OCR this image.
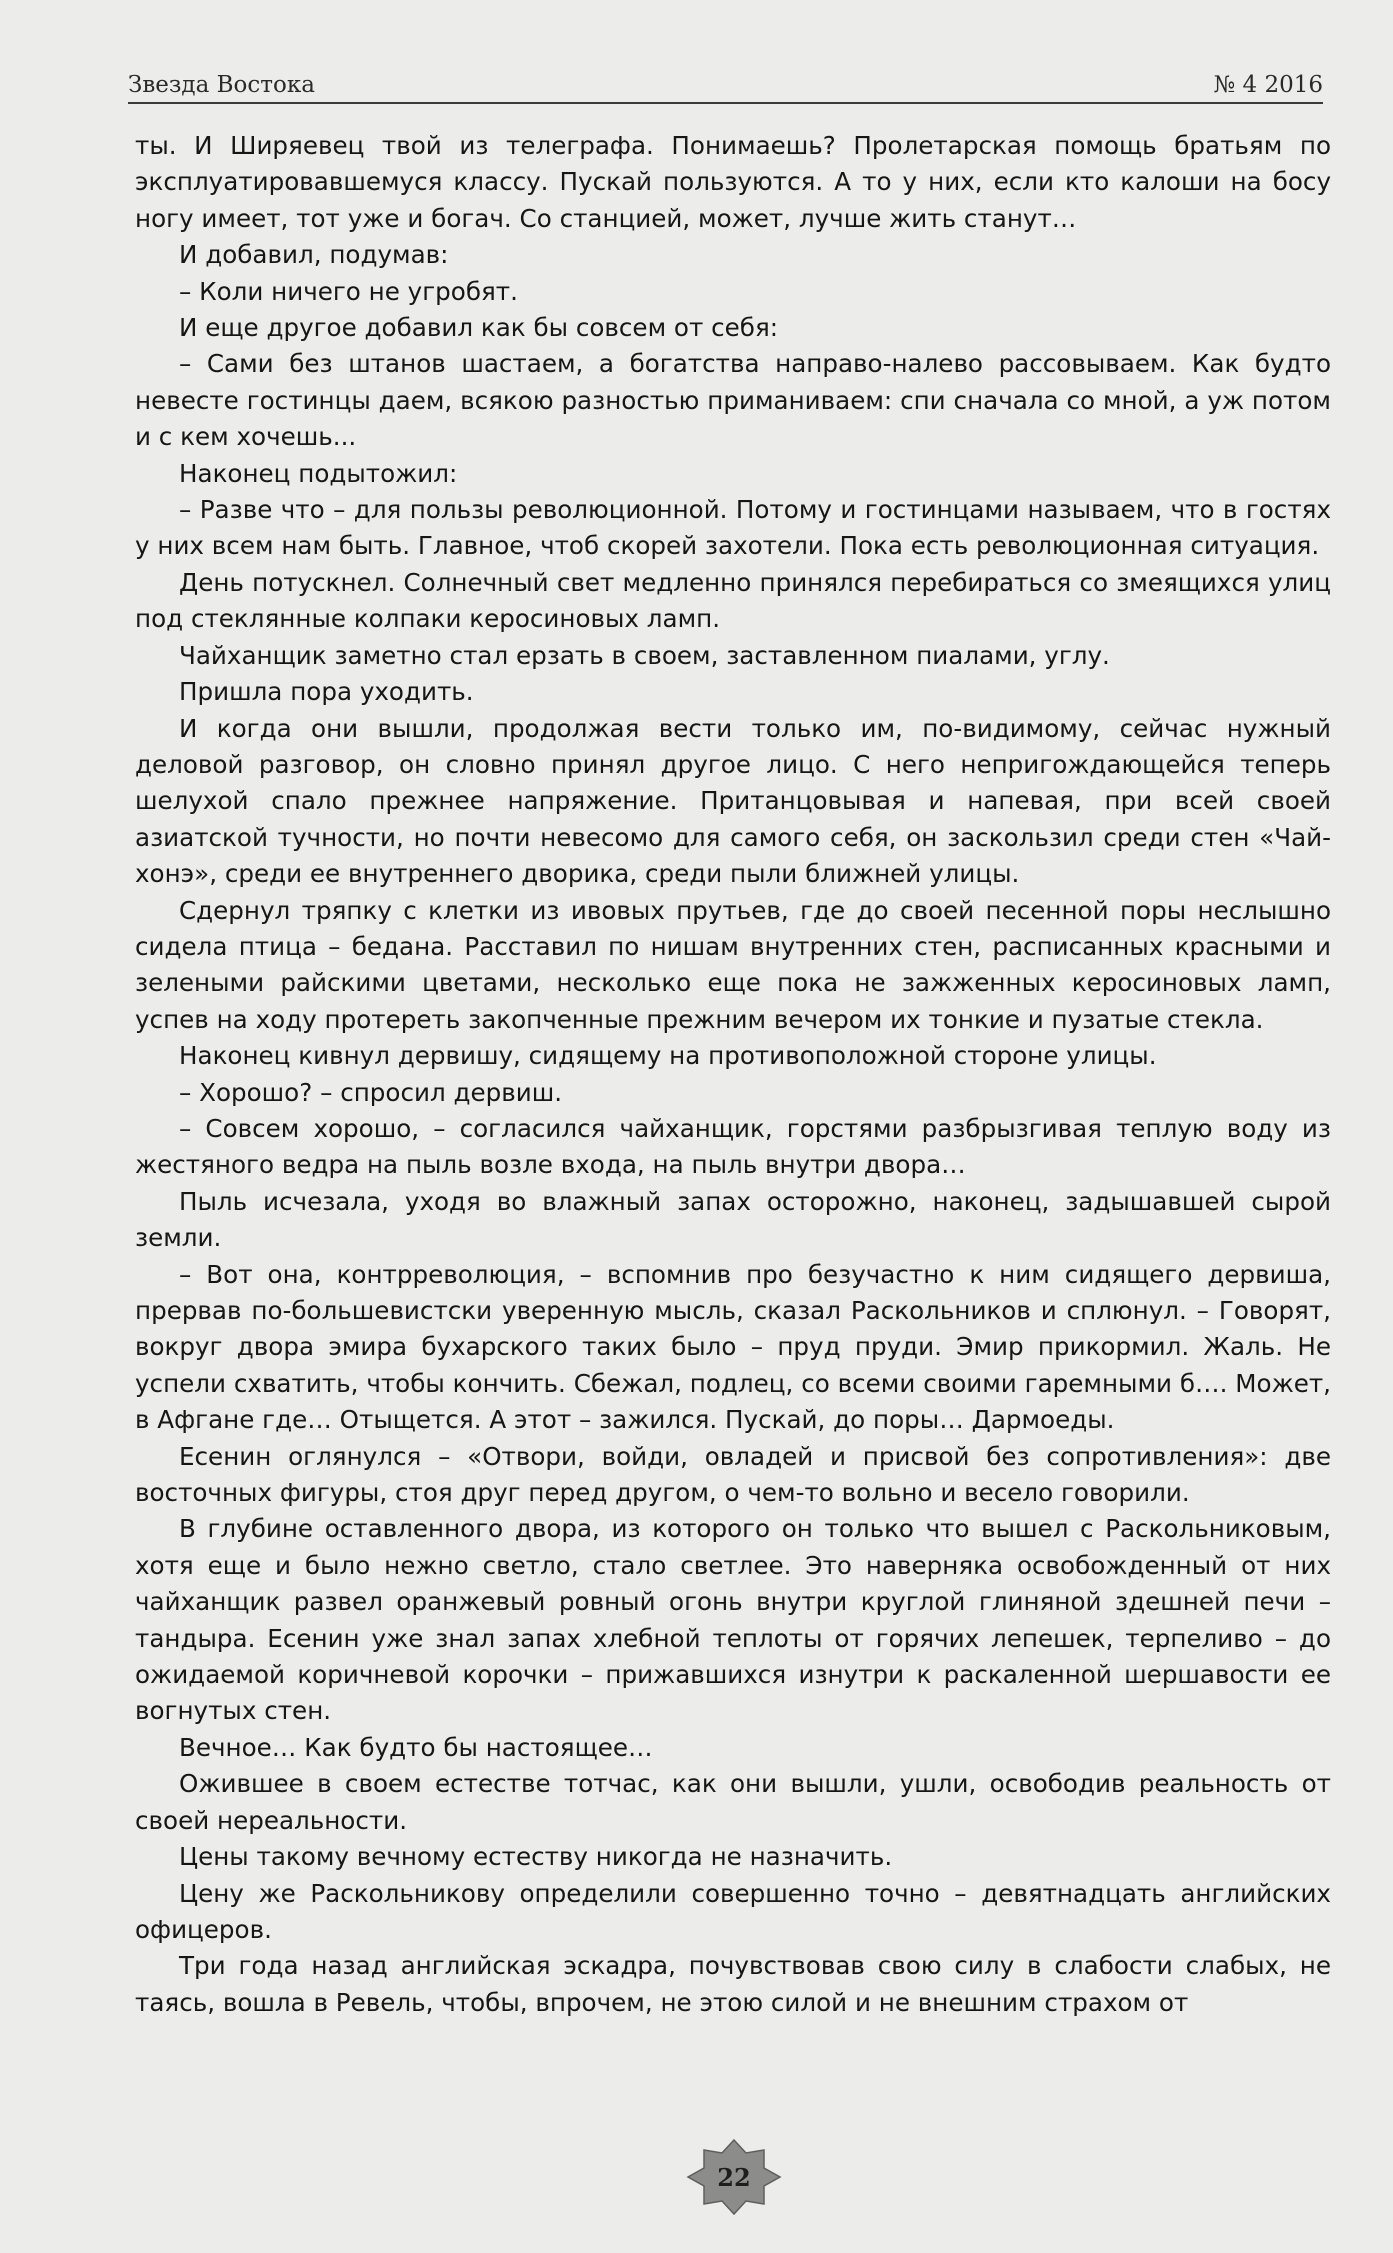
Звезда Востока	№ 4 2016

ты. И Ширяевец твой из телеграфа. Понимаешь? Пролетарская помощь братьям по эксплуатировавшемуся классу. Пускай пользуются. А то у них, если кто калоши на босу ногу имеет, тот уже и богач. Со станцией, может, лучше жить станут…

И добавил, подумав:

– Коли ничего не угробят.

И еще другое добавил как бы совсем от себя:

– Сами без штанов шастаем, а богатства направо-налево рассовываем. Как будто невесте гостинцы даем, всякою разностью приманиваем: спи сначала со мной, а уж потом и с кем хочешь...

Наконец подытожил:

– Разве что – для пользы революционной. Потому и гостинцами называем, что в гостях у них всем нам быть. Главное, чтоб скорей захотели. Пока есть революционная ситуация.

День потускнел. Солнечный свет медленно принялся перебираться со змеящихся улиц под стеклянные колпаки керосиновых ламп.

Чайханщик заметно стал ерзать в своем, заставленном пиалами, углу.

Пришла пора уходить.

И когда они вышли, продолжая вести только им, по-видимому, сейчас нужный деловой разговор, он словно принял другое лицо. С него непригождающейся теперь шелухой спало прежнее напряжение. Пританцовывая и напевая, при всей своей азиатской тучности, но почти невесомо для самого себя, он заскользил среди стен «Чай-хонэ», среди ее внутреннего дворика, среди пыли ближней улицы.

Сдернул тряпку с клетки из ивовых прутьев, где до своей песенной поры неслышно сидела птица – бедана. Расставил по нишам внутренних стен, расписанных красными и зелеными райскими цветами, несколько еще пока не зажженных керосиновых ламп, успев на ходу протереть закопченные прежним вечером их тонкие и пузатые стекла.

Наконец кивнул дервишу, сидящему на противоположной стороне улицы.

– Хорошо? – спросил дервиш.

– Совсем хорошо, – согласился чайханщик, горстями разбрызгивая теплую воду из жестяного ведра на пыль возле входа, на пыль внутри двора…

Пыль исчезала, уходя во влажный запах осторожно, наконец, задышавшей сырой земли.

– Вот она, контрреволюция, – вспомнив про безучастно к ним сидящего дервиша, прервав по-большевистски уверенную мысль, сказал Раскольников и сплюнул. – Говорят, вокруг двора эмира бухарского таких было – пруд пруди. Эмир прикормил. Жаль. Не успели схватить, чтобы кончить. Сбежал, подлец, со всеми своими гаремными б…. Может, в Афгане где… Отыщется. А этот – зажился. Пускай, до поры… Дармоеды.

Есенин оглянулся – «Отвори, войди, овладей и присвой без сопротивления»: две восточных фигуры, стоя друг перед другом, о чем-то вольно и весело говорили.

В глубине оставленного двора, из которого он только что вышел с Раскольниковым, хотя еще и было нежно светло, стало светлее. Это наверняка освобожденный от них чайханщик развел оранжевый ровный огонь внутри круглой глиняной здешней печи – тандыра. Есенин уже знал запах хлебной теплоты от горячих лепешек, терпеливо – до ожидаемой коричневой корочки – прижавшихся изнутри к раскаленной шершавости ее вогнутых стен.

Вечное… Как будто бы настоящее…

Ожившее в своем естестве тотчас, как они вышли, ушли, освободив реальность от своей нереальности.

Цены такому вечному естеству никогда не назначить.

Цену же Раскольникову определили совершенно точно – девятнадцать английских офицеров.

Три года назад английская эскадра, почувствовав свою силу в слабости слабых, не таясь, вошла в Ревель, чтобы, впрочем, не этою силой и не внешним страхом от

22
